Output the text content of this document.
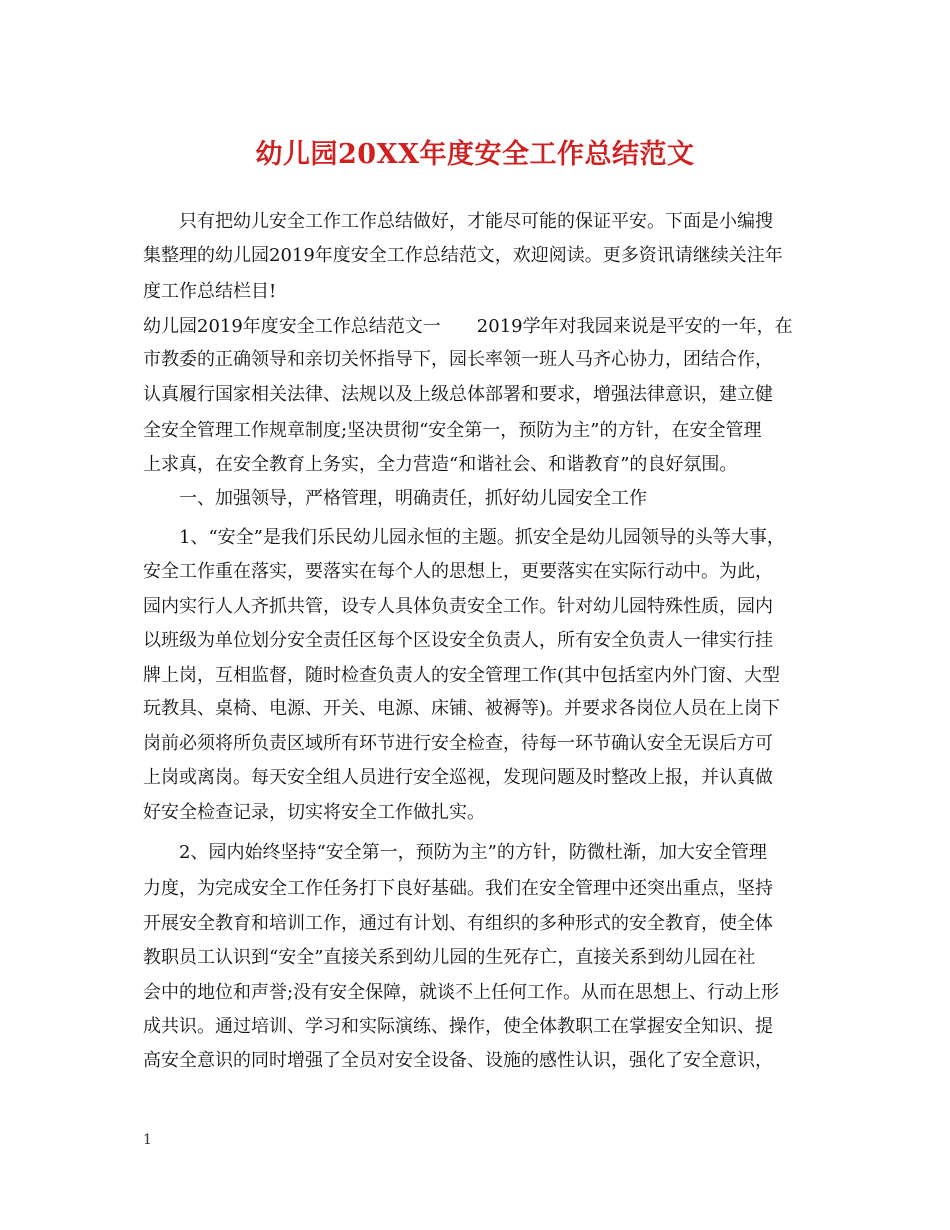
幼儿园20XX年度安全工作总结范文
　　只有把幼儿安全工作工作总结做好，才能尽可能的保证平安。下面是小编搜
集整理的幼儿园2019年度安全工作总结范文，欢迎阅读。更多资讯请继续关注年
度工作总结栏目!
幼儿园2019年度安全工作总结范文一　　2019学年对我园来说是平安的一年，在
市教委的正确领导和亲切关怀指导下，园长率领一班人马齐心协力，团结合作，
认真履行国家相关法律、法规以及上级总体部署和要求，增强法律意识，建立健
全安全管理工作规章制度;坚决贯彻“安全第一，预防为主”的方针，在安全管理
上求真，在安全教育上务实，全力营造“和谐社会、和谐教育”的良好氛围。
　　一、加强领导，严格管理，明确责任，抓好幼儿园安全工作
　　1、“安全”是我们乐民幼儿园永恒的主题。抓安全是幼儿园领导的头等大事，
安全工作重在落实，要落实在每个人的思想上，更要落实在实际行动中。为此，
园内实行人人齐抓共管，设专人具体负责安全工作。针对幼儿园特殊性质，园内
以班级为单位划分安全责任区每个区设安全负责人，所有安全负责人一律实行挂
牌上岗，互相监督，随时检查负责人的安全管理工作(其中包括室内外门窗、大型
玩教具、桌椅、电源、开关、电源、床铺、被褥等)。并要求各岗位人员在上岗下
岗前必须将所负责区域所有环节进行安全检查，待每一环节确认安全无误后方可
上岗或离岗。每天安全组人员进行安全巡视，发现问题及时整改上报，并认真做
好安全检查记录，切实将安全工作做扎实。
　　2、园内始终坚持“安全第一，预防为主”的方针，防微杜渐，加大安全管理
力度，为完成安全工作任务打下良好基础。我们在安全管理中还突出重点，坚持
开展安全教育和培训工作，通过有计划、有组织的多种形式的安全教育，使全体
教职员工认识到“安全”直接关系到幼儿园的生死存亡，直接关系到幼儿园在社
会中的地位和声誉;没有安全保障，就谈不上任何工作。从而在思想上、行动上形
成共识。通过培训、学习和实际演练、操作，使全体教职工在掌握安全知识、提
高安全意识的同时增强了全员对安全设备、设施的感性认识，强化了安全意识，
1
